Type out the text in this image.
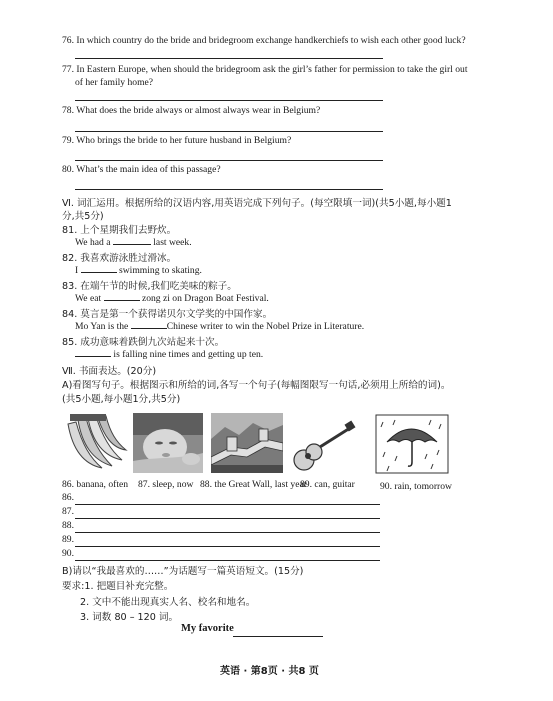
76. In which country do the bride and bridegroom exchange handkerchiefs to wish each other good luck?
77. In Eastern Europe, when should the bridegroom ask the girl’s father for permission to take the girl out
of her family home?
78. What does the bride always or almost always wear in Belgium?
79. Who brings the bride to her future husband in Belgium?
80. What’s the main idea of this passage?
Ⅵ. 词汇运用。根据所给的汉语内容,用英语完成下列句子。(每空限填一词)(共5小题,每小题1
分,共5分)
81. 上个星期我们去野炊。
We had a	last week.
82. 我喜欢游泳胜过滑冰。
I	swimming to skating.
83. 在端午节的时候,我们吃美味的粽子。
We eat	zong zi on Dragon Boat Festival.
84. 莫言是第一个获得诺贝尔文学奖的中国作家。
Mo Yan is the	Chinese writer to win the Nobel Prize in Literature.
85. 成功意味着跌倒九次站起来十次。
is falling nine times and getting up ten.
Ⅶ. 书面表达。(20分)
A)看图写句子。根据图示和所给的词,各写一个句子(每幅图限写一句话,必须用上所给的词)。
(共5小题,每小题1分,共5分)
86. banana, often 87. sleep, now 88. the Great Wall, last year
89. can, guitar	90. rain, tomorrow
86.
87.
88.
89.
90.
B)请以“我最喜欢的……”为话题写一篇英语短文。(15分)
要求:1. 把题目补充完整。
2. 文中不能出现真实人名、校名和地名。
3. 词数 80 – 120 词。
My favorite
英语 · 第8页 · 共8 页
